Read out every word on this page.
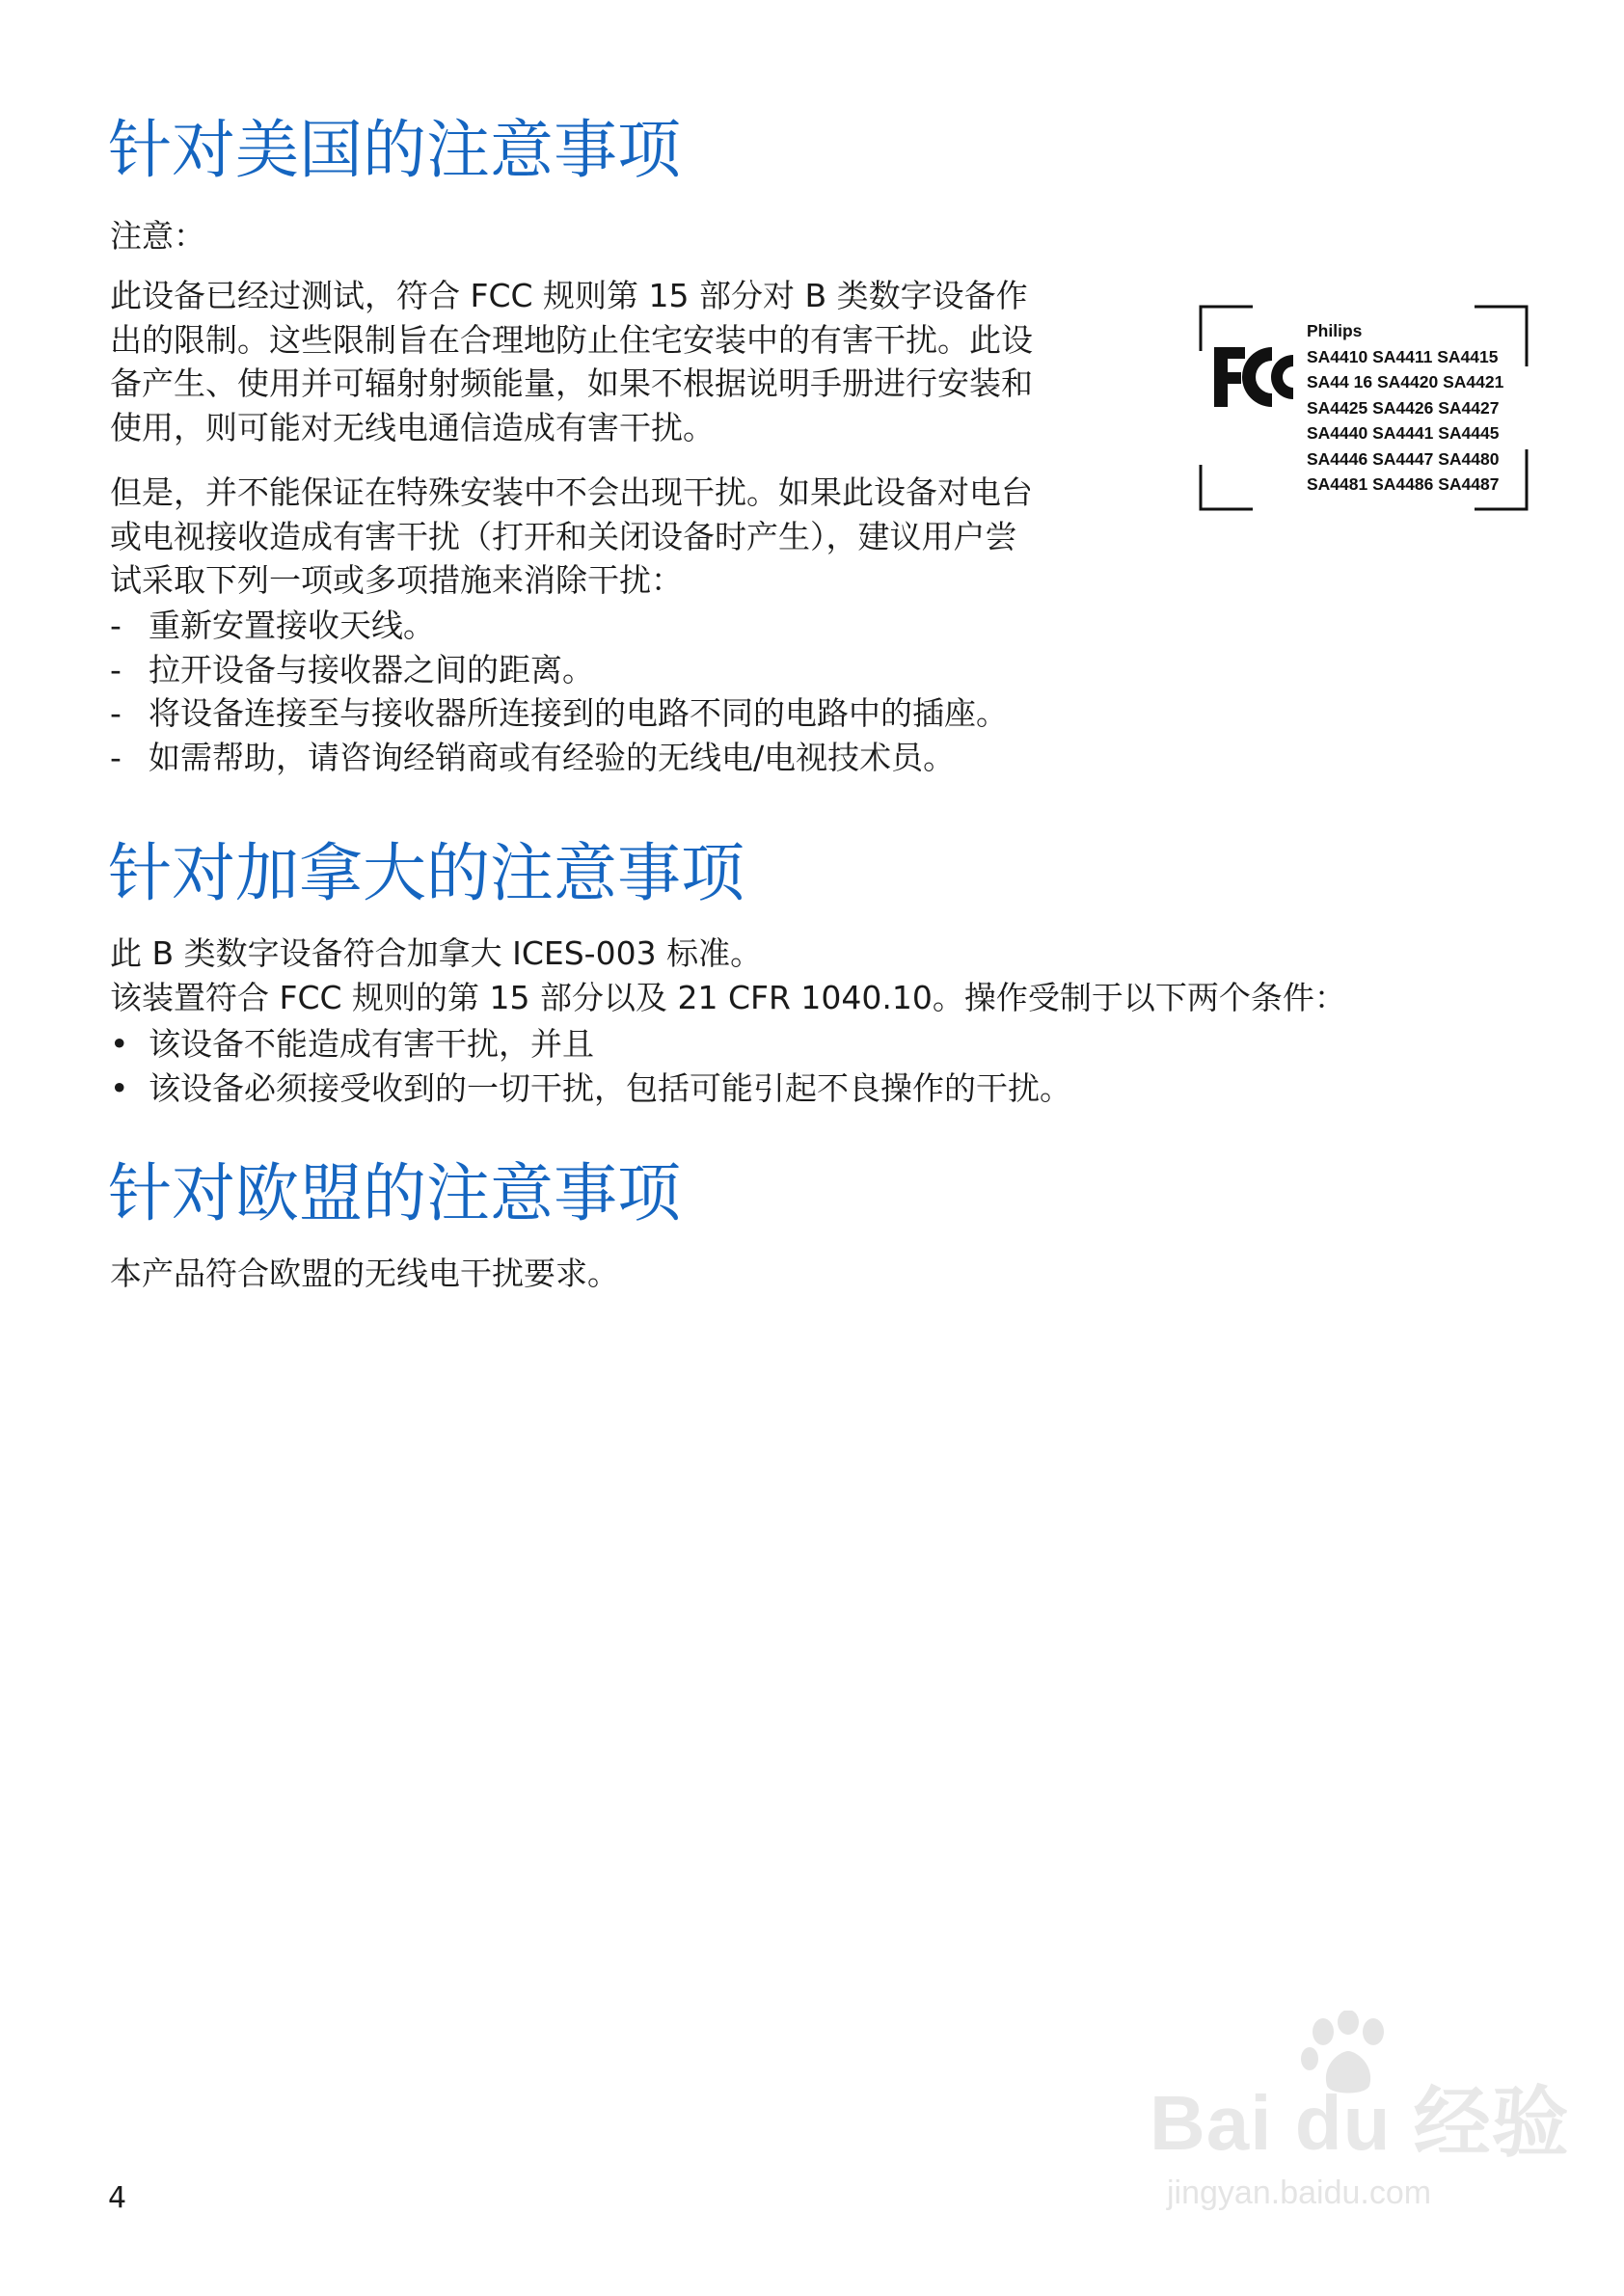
针对美国的注意事项
注意：
此设备已经过测试，符合 FCC 规则第 15 部分对 B 类数字设备作
出的限制。这些限制旨在合理地防止住宅安装中的有害干扰。此设
备产生、使用并可辐射射频能量，如果不根据说明手册进行安装和
使用，则可能对无线电通信造成有害干扰。
但是，并不能保证在特殊安装中不会出现干扰。如果此设备对电台
或电视接收造成有害干扰（打开和关闭设备时产生），建议用户尝
试采取下列一项或多项措施来消除干扰：
- 重新安置接收天线。
- 拉开设备与接收器之间的距离。
- 将设备连接至与接收器所连接到的电路不同的电路中的插座。
- 如需帮助，请咨询经销商或有经验的无线电/电视技术员。
Philips
SA4410 SA4411 SA4415
SA44 16 SA4420 SA4421
SA4425 SA4426 SA4427
SA4440 SA4441 SA4445
SA4446 SA4447 SA4480
SA4481 SA4486 SA4487
针对加拿大的注意事项
此 B 类数字设备符合加拿大 ICES-003 标准。
该装置符合 FCC 规则的第 15 部分以及 21 CFR 1040.10。操作受制于以下两个条件：
• 该设备不能造成有害干扰，并且
• 该设备必须接受收到的一切干扰，包括可能引起不良操作的干扰。
针对欧盟的注意事项
本产品符合欧盟的无线电干扰要求。
4
Bai du 经验
jingyan.baidu.com
